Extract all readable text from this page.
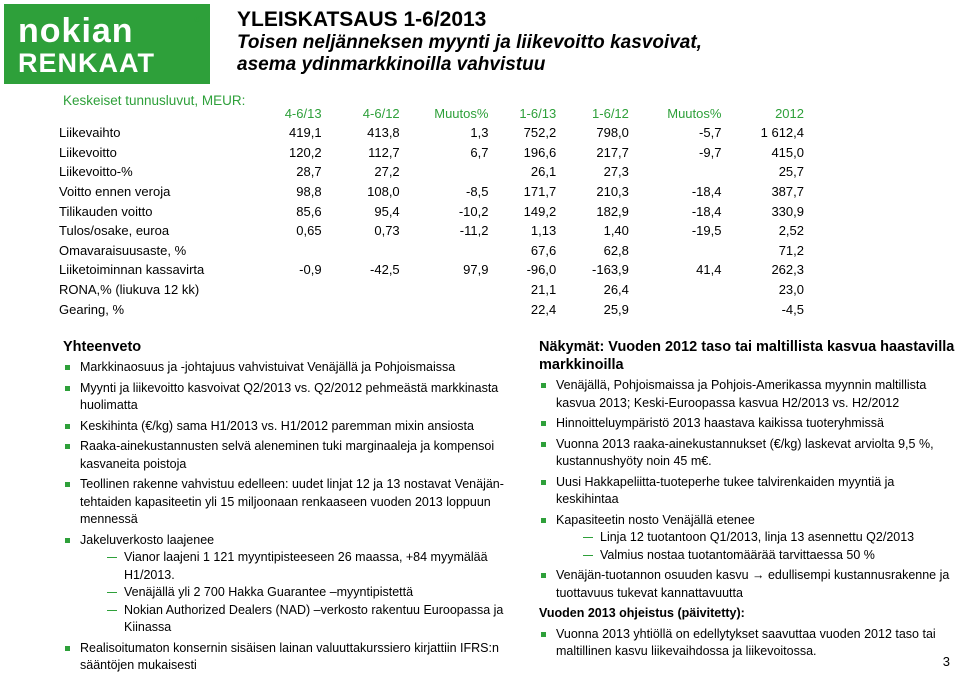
nokian
RENKAAT
® YLEISKATSAUS 1-6/2013
Toisen neljänneksen myynti ja liikevoitto kasvoivat,
asema ydinmarkkinoilla vahvistuu
Keskeiset tunnusluvut, MEUR:
	4-6/13	4-6/12	Muutos%	1-6/13	1-6/12	Muutos%	2012
Liikevaihto	419,1	413,8	1,3	752,2	798,0	-5,7	1 612,4
Liikevoitto	120,2	112,7	6,7	196,6	217,7	-9,7	415,0
Liikevoitto-%	28,7	27,2		26,1	27,3		25,7
Voitto ennen veroja	98,8	108,0	-8,5	171,7	210,3	-18,4	387,7
Tilikauden voitto	85,6	95,4	-10,2	149,2	182,9	-18,4	330,9
Tulos/osake, euroa	0,65	0,73	-11,2	1,13	1,40	-19,5	2,52
Omavaraisuusaste, %				67,6	62,8		71,2
Liiketoiminnan kassavirta	-0,9	-42,5	97,9	-96,0	-163,9	41,4	262,3
RONA,% (liukuva 12 kk)				21,1	26,4		23,0
Gearing, %				22,4	25,9		-4,5
Yhteenveto
Markkinaosuus ja -johtajuus vahvistuivat Venäjällä ja Pohjoismaissa
Myynti ja liikevoitto kasvoivat Q2/2013 vs. Q2/2012 pehmeästä markkinasta huolimatta
Keskihinta (€/kg) sama H1/2013 vs. H1/2012 paremman mixin ansiosta
Raaka-ainekustannusten selvä aleneminen tuki marginaaleja ja kompensoi kasvaneita poistoja
Teollinen rakenne vahvistuu edelleen: uudet linjat 12 ja 13 nostavat Venäjän-tehtaiden kapasiteetin yli 15 miljoonaan renkaaseen vuoden 2013 loppuun mennessä
Jakeluverkosto laajenee
Vianor laajeni 1 121 myyntipisteeseen 26 maassa, +84 myymälää H1/2013.
Venäjällä yli 2 700 Hakka Guarantee –myyntipistettä
Nokian Authorized Dealers (NAD) –verkosto rakentuu Euroopassa ja Kiinassa
Realisoitumaton konsernin sisäisen lainan valuuttakurssiero kirjattiin IFRS:n sääntöjen mukaisesti
Näkymät: Vuoden 2012 taso tai maltillista kasvua haastavilla markkinoilla
Venäjällä, Pohjoismaissa ja Pohjois-Amerikassa myynnin maltillista kasvua 2013; Keski-Euroopassa kasvua H2/2013 vs. H2/2012
Hinnoitteluympäristö 2013 haastava kaikissa tuoteryhmissä
Vuonna 2013 raaka-ainekustannukset (€/kg) laskevat arviolta 9,5 %, kustannushyöty noin 45 m€.
Uusi Hakkapeliitta-tuoteperhe tukee talvirenkaiden myyntiä ja keskihintaa
Kapasiteetin nosto Venäjällä etenee
Linja 12 tuotantoon Q1/2013, linja 13 asennettu Q2/2013
Valmius nostaa tuotantomäärää tarvittaessa 50 %
Venäjän-tuotannon osuuden kasvu → edullisempi kustannusrakenne ja tuottavuus tukevat kannattavuutta
Vuoden 2013 ohjeistus (päivitetty):
Vuonna 2013 yhtiöllä on edellytykset saavuttaa vuoden 2012 taso tai maltillinen kasvu liikevaihdossa ja liikevoitossa.
3
